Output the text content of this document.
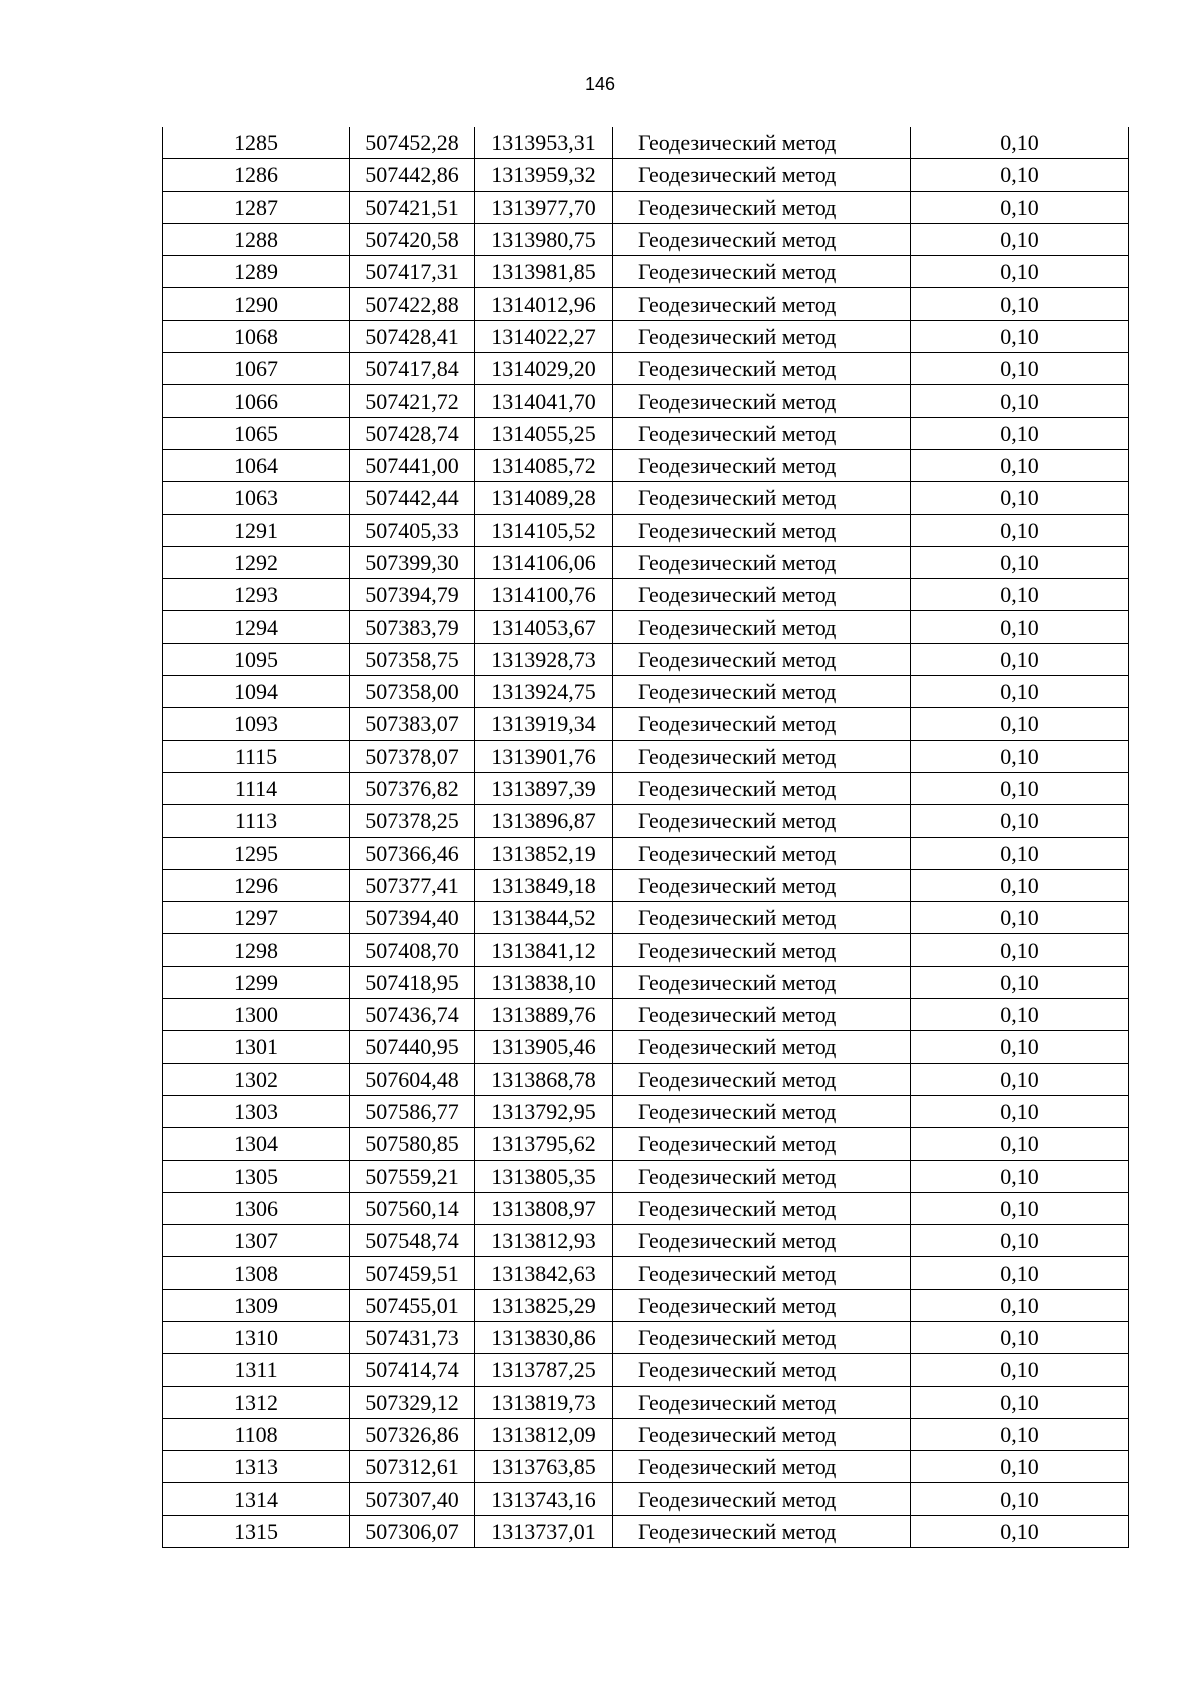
146
1285	507452,28	1313953,31	Геодезический метод	0,10
1286	507442,86	1313959,32	Геодезический метод	0,10
1287	507421,51	1313977,70	Геодезический метод	0,10
1288	507420,58	1313980,75	Геодезический метод	0,10
1289	507417,31	1313981,85	Геодезический метод	0,10
1290	507422,88	1314012,96	Геодезический метод	0,10
1068	507428,41	1314022,27	Геодезический метод	0,10
1067	507417,84	1314029,20	Геодезический метод	0,10
1066	507421,72	1314041,70	Геодезический метод	0,10
1065	507428,74	1314055,25	Геодезический метод	0,10
1064	507441,00	1314085,72	Геодезический метод	0,10
1063	507442,44	1314089,28	Геодезический метод	0,10
1291	507405,33	1314105,52	Геодезический метод	0,10
1292	507399,30	1314106,06	Геодезический метод	0,10
1293	507394,79	1314100,76	Геодезический метод	0,10
1294	507383,79	1314053,67	Геодезический метод	0,10
1095	507358,75	1313928,73	Геодезический метод	0,10
1094	507358,00	1313924,75	Геодезический метод	0,10
1093	507383,07	1313919,34	Геодезический метод	0,10
1115	507378,07	1313901,76	Геодезический метод	0,10
1114	507376,82	1313897,39	Геодезический метод	0,10
1113	507378,25	1313896,87	Геодезический метод	0,10
1295	507366,46	1313852,19	Геодезический метод	0,10
1296	507377,41	1313849,18	Геодезический метод	0,10
1297	507394,40	1313844,52	Геодезический метод	0,10
1298	507408,70	1313841,12	Геодезический метод	0,10
1299	507418,95	1313838,10	Геодезический метод	0,10
1300	507436,74	1313889,76	Геодезический метод	0,10
1301	507440,95	1313905,46	Геодезический метод	0,10
1302	507604,48	1313868,78	Геодезический метод	0,10
1303	507586,77	1313792,95	Геодезический метод	0,10
1304	507580,85	1313795,62	Геодезический метод	0,10
1305	507559,21	1313805,35	Геодезический метод	0,10
1306	507560,14	1313808,97	Геодезический метод	0,10
1307	507548,74	1313812,93	Геодезический метод	0,10
1308	507459,51	1313842,63	Геодезический метод	0,10
1309	507455,01	1313825,29	Геодезический метод	0,10
1310	507431,73	1313830,86	Геодезический метод	0,10
1311	507414,74	1313787,25	Геодезический метод	0,10
1312	507329,12	1313819,73	Геодезический метод	0,10
1108	507326,86	1313812,09	Геодезический метод	0,10
1313	507312,61	1313763,85	Геодезический метод	0,10
1314	507307,40	1313743,16	Геодезический метод	0,10
1315	507306,07	1313737,01	Геодезический метод	0,10
